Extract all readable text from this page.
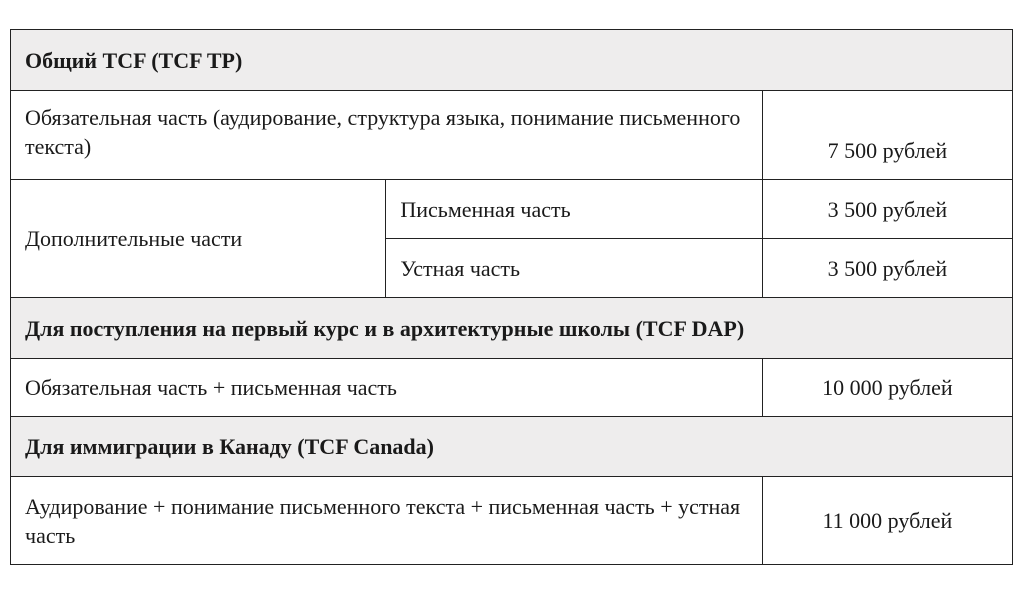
Общий TCF (TCF TP)		
Обязательная часть (аудирование, структура языка, понимание письменного текста)		7 500 рублей
Дополнительные части	Письменная часть	3 500 рублей
	Устная часть	3 500 рублей
Для поступления на первый курс и в архитектурные школы (TCF DAP)		
Обязательная часть + письменная часть		10 000 рублей
Для иммиграции в Канаду (TCF Canada)		
Аудирование + понимание письменного текста + письменная часть + устная часть		11 000 рублей
